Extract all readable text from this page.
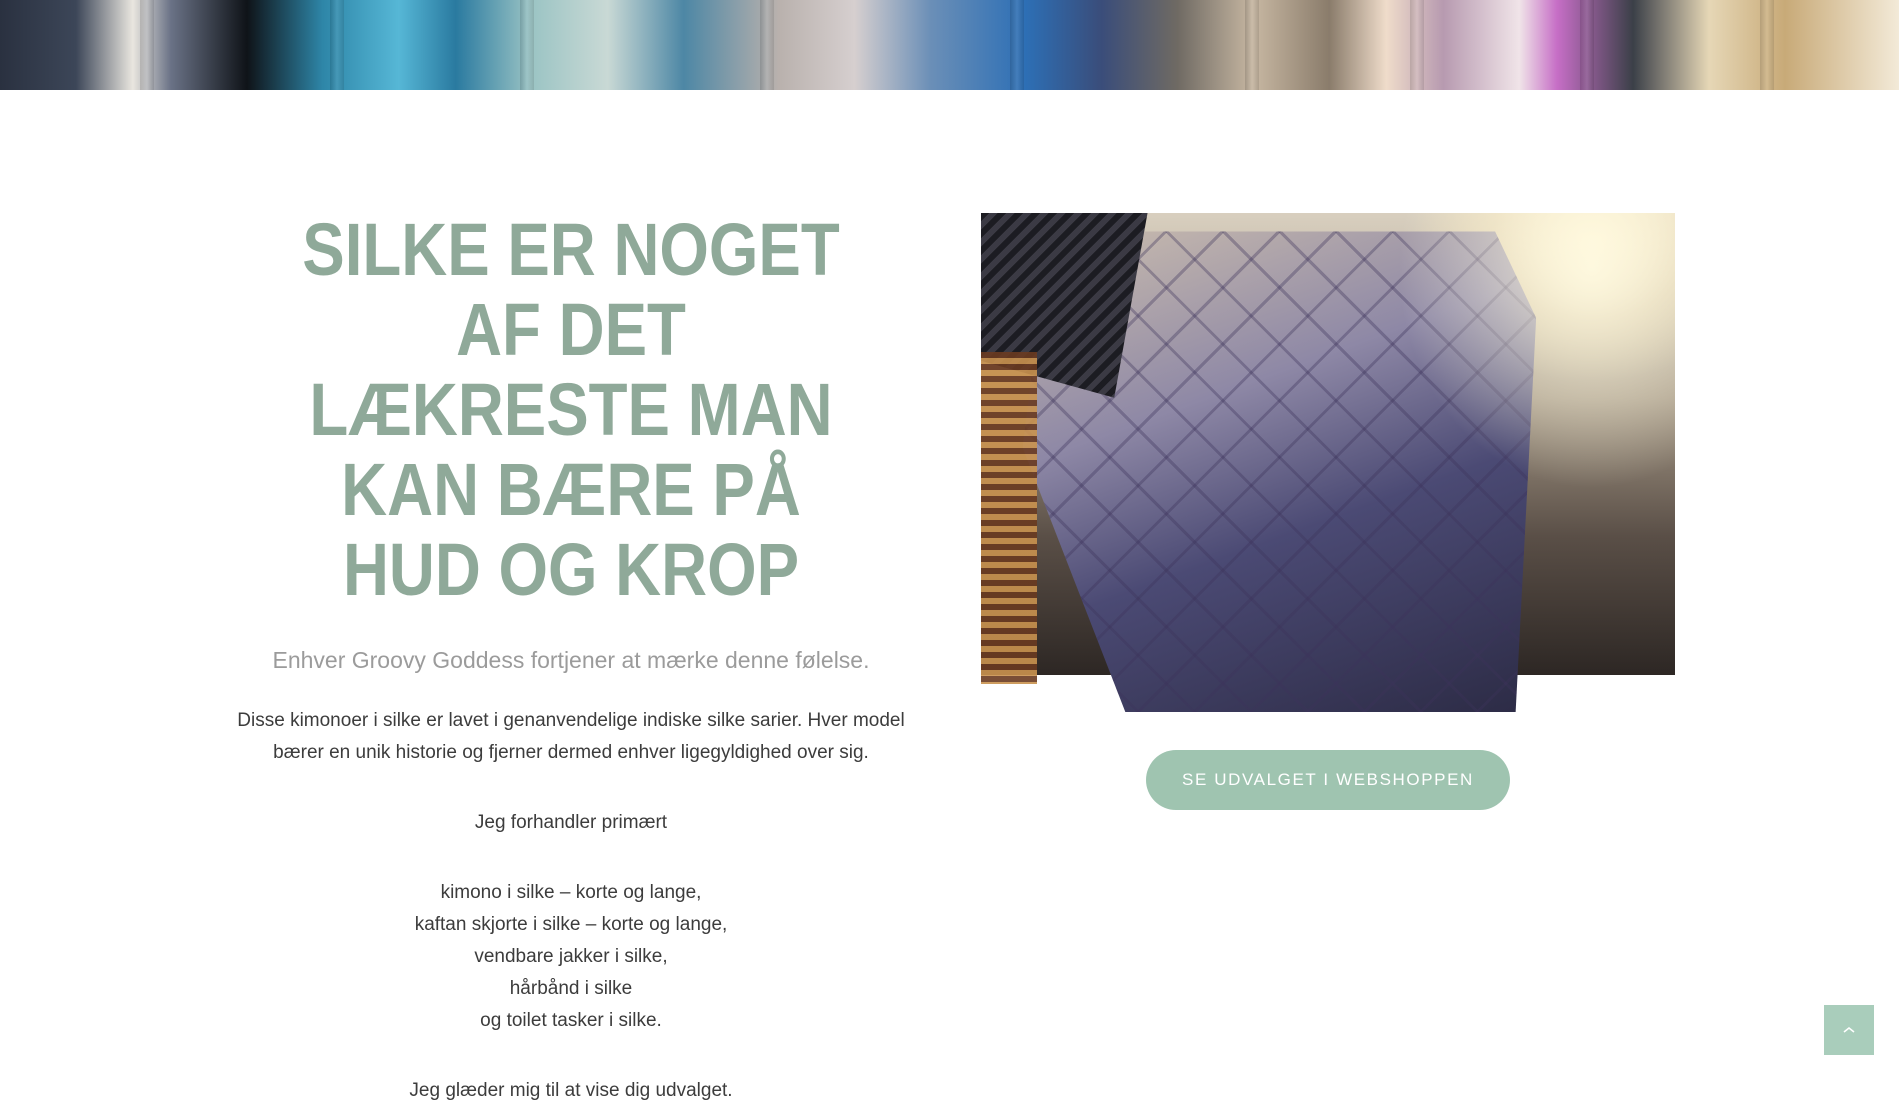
SILKE ER NOGET AF DET LÆKRESTE MAN KAN BÆRE PÅ HUD OG KROP

Enhver Groovy Goddess fortjener at mærke denne følelse.

Disse kimonoer i silke er lavet i genanvendelige indiske silke sarier. Hver model bærer en unik historie og fjerner dermed enhver ligegyldighed over sig.

Jeg forhandler primært

kimono i silke – korte og lange,

kaftan skjorte i silke – korte og lange,

vendbare jakker i silke,

hårbånd i silke

og toilet tasker i silke.

Jeg glæder mig til at vise dig udvalget.

SE UDVALGET I WEBSHOPPEN
